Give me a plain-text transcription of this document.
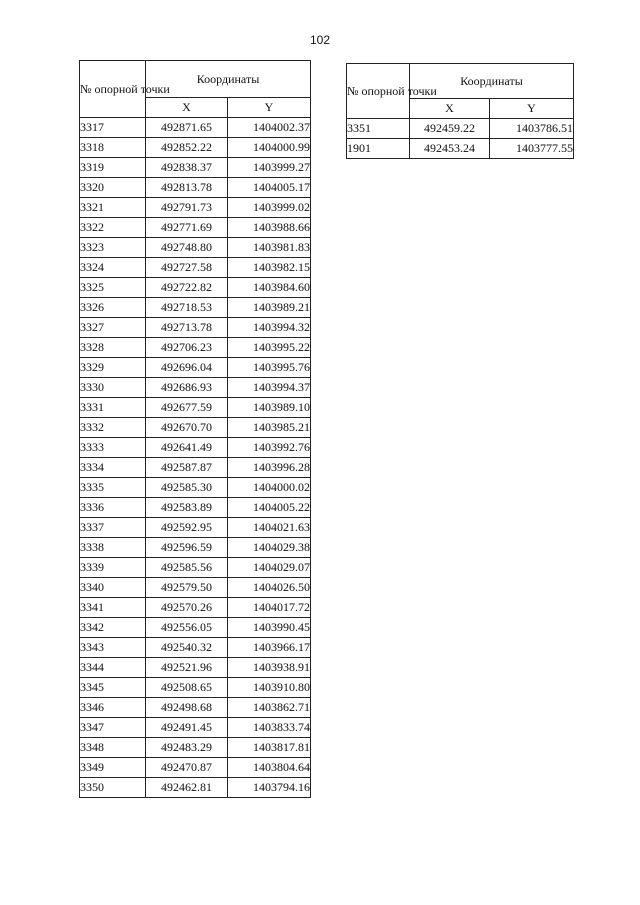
102
№ опорной точки	Координаты	
	X	Y
3317	492871.65	1404002.37
3318	492852.22	1404000.99
3319	492838.37	1403999.27
3320	492813.78	1404005.17
3321	492791.73	1403999.02
3322	492771.69	1403988.66
3323	492748.80	1403981.83
3324	492727.58	1403982.15
3325	492722.82	1403984.60
3326	492718.53	1403989.21
3327	492713.78	1403994.32
3328	492706.23	1403995.22
3329	492696.04	1403995.76
3330	492686.93	1403994.37
3331	492677.59	1403989.10
3332	492670.70	1403985.21
3333	492641.49	1403992.76
3334	492587.87	1403996.28
3335	492585.30	1404000.02
3336	492583.89	1404005.22
3337	492592.95	1404021.63
3338	492596.59	1404029.38
3339	492585.56	1404029.07
3340	492579.50	1404026.50
3341	492570.26	1404017.72
3342	492556.05	1403990.45
3343	492540.32	1403966.17
3344	492521.96	1403938.91
3345	492508.65	1403910.80
3346	492498.68	1403862.71
3347	492491.45	1403833.74
3348	492483.29	1403817.81
3349	492470.87	1403804.64
3350	492462.81	1403794.16
№ опорной точки	Координаты	
	X	Y
3351	492459.22	1403786.51
1901	492453.24	1403777.55
